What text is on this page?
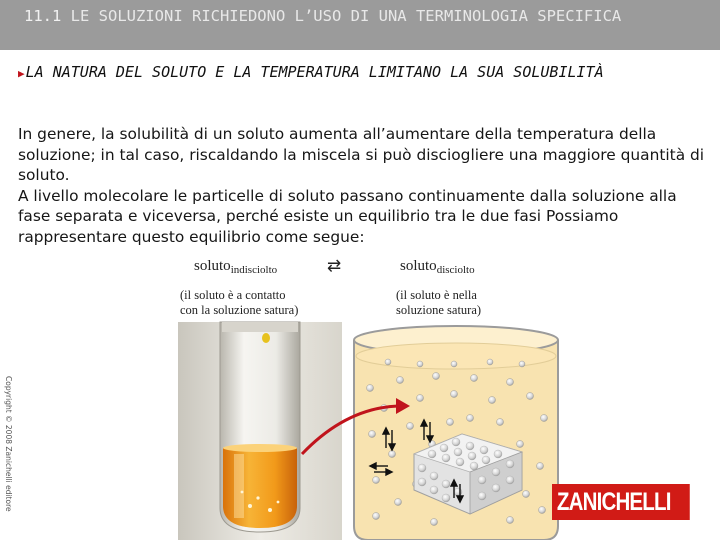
11.1 LE SOLUZIONI RICHIEDONO L’USO DI UNA TERMINOLOGIA SPECIFICA
▶LA NATURA DEL SOLUTO E LA TEMPERATURA LIMITANO LA SUA SOLUBILITÀ

In genere, la solubilità di un soluto aumenta all’aumentare della temperatura della soluzione; in tal caso, riscaldando la miscela si può disciogliere una maggiore quantità di soluto.

A livello molecolare le particelle di soluto passano continuamente dalla soluzione alla fase separata e viceversa, perché esiste un equilibrio tra le due fasi Possiamo rappresentare questo equilibrio come segue:

Copyright © 2008 Zanichelli editore
soluto$_{indisciolto}$	⇄	soluto$_{disciolto}$
(il soluto è a contatto
con la soluzione satura)
(il soluto è nella
soluzione satura)
ZANICHELLI
